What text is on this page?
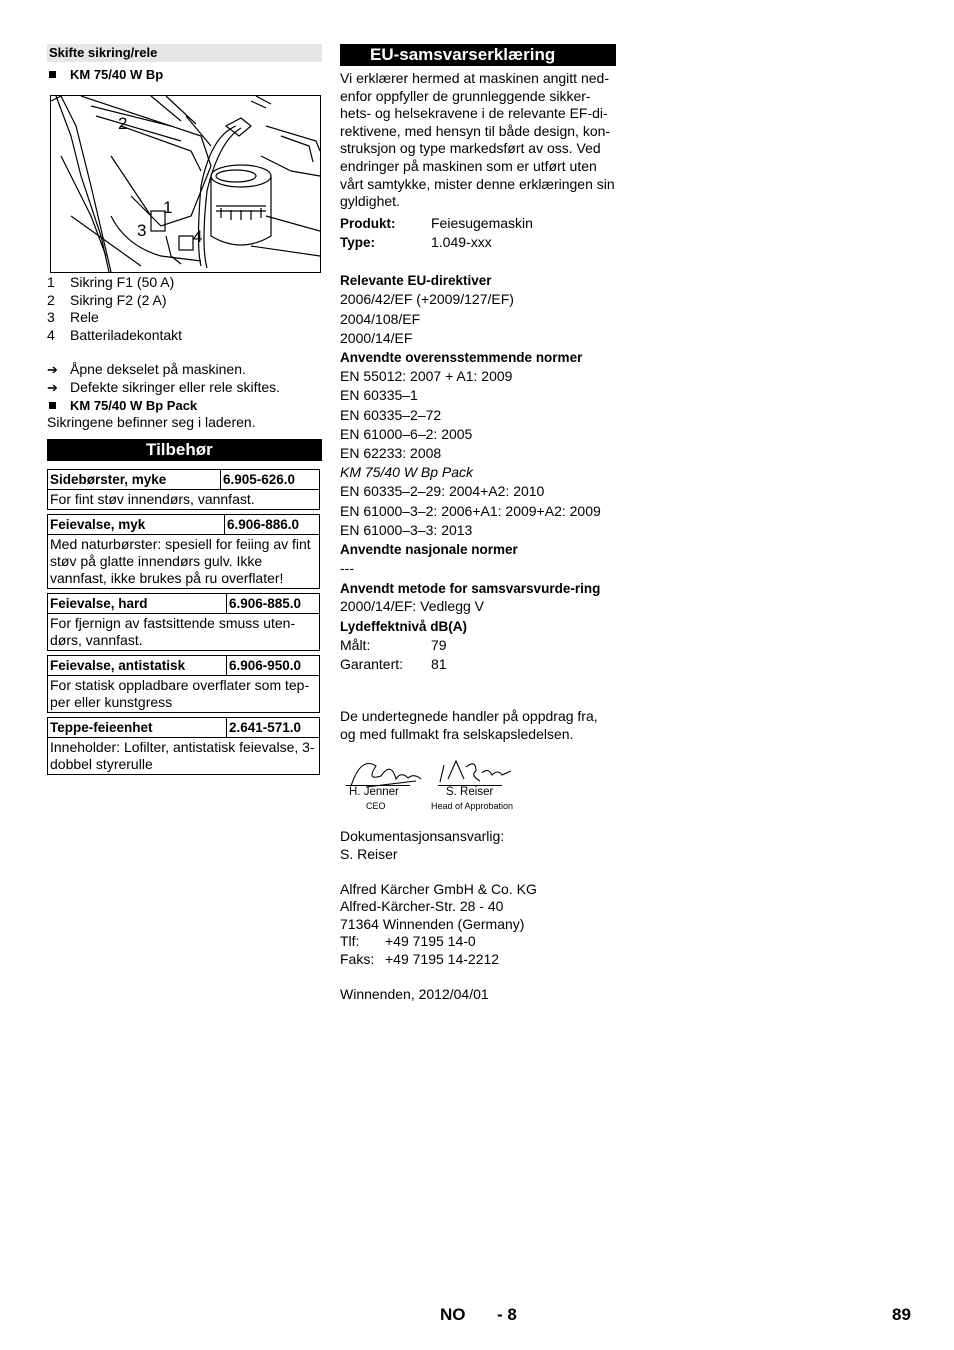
Skifte sikring/rele
KM 75/40 W Bp
2
1
3	4
1	Sikring F1 (50 A)
2	Sikring F2 (2 A)
3	Rele
4	Batteriladekontakt
➔ Åpne dekselet på maskinen.
➔ Defekte sikringer eller rele skiftes.
KM 75/40 W Bp Pack
Sikringene befinner seg i laderen.
Tilbehør
Sidebørster, myke	6.905-626.0
For fint støv innendørs, vannfast.
Feievalse, myk	6.906-886.0
Med naturbørster: spesiell for feiing av fint støv på glatte innendørs gulv. Ikke vannfast, ikke brukes på ru overflater!
Feievalse, hard	6.906-885.0
For fjernign av fastsittende smuss uten-dørs, vannfast.
Feievalse, antistatisk	6.906-950.0
For statisk oppladbare overflater som tep-per eller kunstgress
Teppe-feieenhet	2.641-571.0
Inneholder: Lofilter, antistatisk feievalse, 3-dobbel styrerulle
EU-samsvarserklæring
Vi erklærer hermed at maskinen angitt ned-enfor oppfyller de grunnleggende sikker-hets- og helsekravene i de relevante EF-di-rektivene, med hensyn til både design, kon-struksjon og type markedsført av oss. Ved endringer på maskinen som er utført uten vårt samtykke, mister denne erklæringen sin gyldighet.
Produkt:	Feiesugemaskin
Type:	1.049-xxx
Relevante EU-direktiver
2006/42/EF (+2009/127/EF)
2004/108/EF
2000/14/EF
Anvendte overensstemmende normer
EN 55012: 2007 + A1: 2009
EN 60335–1
EN 60335–2–72
EN 61000–6–2: 2005
EN 62233: 2008
KM 75/40 W Bp Pack
EN 60335–2–29: 2004+A2: 2010
EN 61000–3–2: 2006+A1: 2009+A2: 2009
EN 61000–3–3: 2013
Anvendte nasjonale normer
---
Anvendt metode for samsvarsvurde-ring
2000/14/EF: Vedlegg V
Lydeffektnivå dB(A)
Målt:	79
Garantert:	81
De undertegnede handler på oppdrag fra, og med fullmakt fra selskapsledelsen.
H. Jenner
CEO
S. Reiser
Head of Approbation
Dokumentasjonsansvarlig:
S. Reiser
Alfred Kärcher GmbH & Co. KG
Alfred-Kärcher-Str. 28 - 40
71364 Winnenden (Germany)
Tlf:	+49 7195 14-0
Faks: +49 7195 14-2212
Winnenden, 2012/04/01
NO - 8	89
